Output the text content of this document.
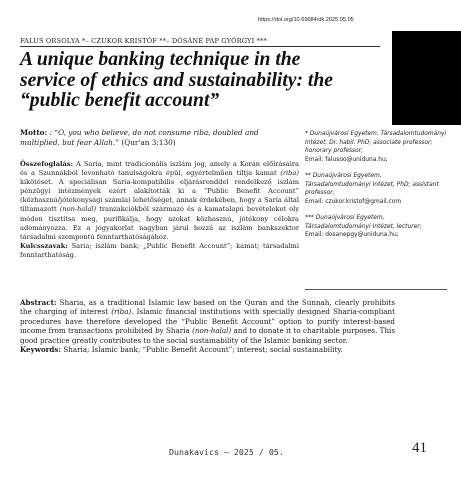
https://doi.org/10.69684/dk.2025.05.05
FALUS ORSOLYA *– CZUKOR KRISTÓF **– DÓSÁNÉ PAP GYÖRGYI ***
A unique banking technique in the service of ethics and sustainability: the “public benefit account”
Motto: : “O, you who believe, do not consume riba, doubled and multiplied, but fear Allah.” (Qur'an 3:130)
* Dunaújvárosi Egyetem, Társadalomtudományi Intézet, Dr. habil. PhD; associate professor; honorary professor;
Email: falusoo@uniduna.hu;
** Dunaújvárosi Egyetem, Társadalomtudományi Intézet, PhD; assistant professor;
Email: czukor.kristof@gmail.com
*** Dunaújvárosi Egyetem, Társadalomtudományi Intézet, lecturer;
Email: dosanepgy@uniduna.hu;

Összefoglalás: A Saría, mint tradicionális iszlám jog, amely a Korán előírásaira és a Szunnákból levonható tanulságokra épül, egyértelműen tiltja kamat (riba) kikötését. A speciálisan Saria-kompatibilis eljárásrenddel rendelkező iszlám pénzügyi intézmények ezért alakították ki a “Public Benefit Account” (közhasznú/jótékonysági számla) lehetőséget, annak érdekében, hogy a Saría által tiltamazott (non-halal) tranzakciókból származó és a kamatalapú bevételeket oly módon tisztítsa meg, purifikálja, hogy azokat közhasznú, jótékony célokra adományozza. Ez a jógyakorlat nagyban járul hozzá az iszlám bankszektor társadalmi szempontú fenntarthatóságához.

Kulcsszavak: Saria; iszlám bank; „Public Benefit Account”; kamat; társadalmi fenntarthatóság.

Abstract: Sharia, as a traditional Islamic law based on the Quran and the Sunnah, clearly prohibits the charging of interest (riba). Islamic financial institutions with specially designed Sharia-compliant procedures have therefore developed the “Public Benefit Account” option to purify interest-based income from transactions prohibited by Sharia (non-halal) and to donate it to charitable purposes. This good practice greatly contributes to the social sustainability of the Islamic banking sector.

Keywords: Sharia; Islamic bank; “Public Benefit Account”; interest; social sustainability.

Dunakavics – 2025 / 05.	41
